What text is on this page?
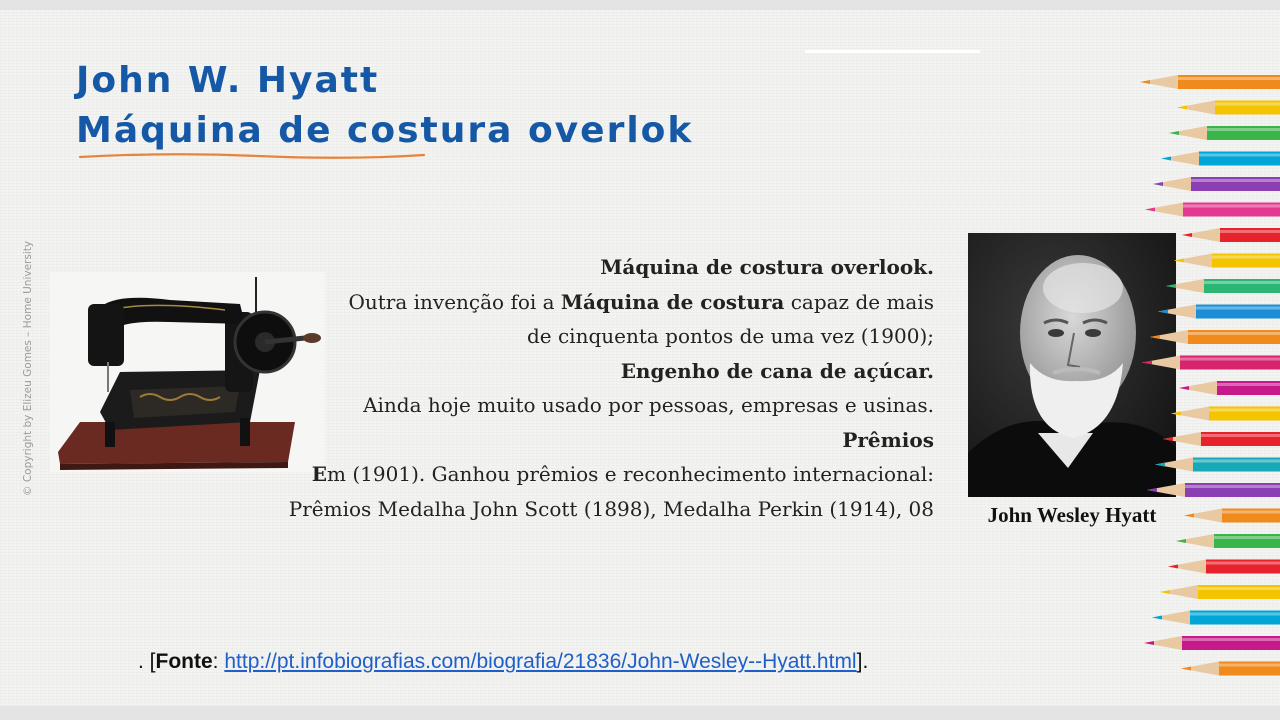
John W. Hyatt
Máquina de costura overlok
© Copyright by Elizeu Gomes – Home University	Máquina de costura overlook.
Outra invenção foi a Máquina de costura capaz de mais
de cinquenta pontos de uma vez (1900);
Engenho de cana de açúcar.
Ainda hoje muito usado por pessoas, empresas e usinas.
Prêmios
Em (1901). Ganhou prêmios e reconhecimento internacional:
Prêmios Medalha John Scott (1898), Medalha Perkin (1914), 08	John Wesley Hyatt
. [Fonte: http://pt.infobiografias.com/biografia/21836/John-Wesley--Hyatt.html].
